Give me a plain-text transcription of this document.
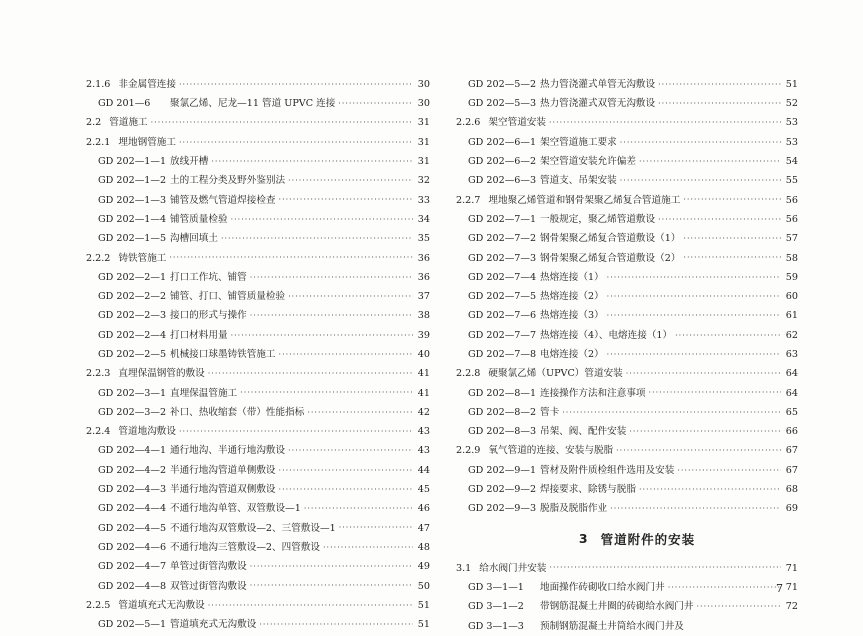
2.1.6 非金属管连接 ·····	30
GD 201—6	聚氯乙烯、尼龙—11 管道 UPVC 连接 ·····	30
2.2 管道施工 ·····	31
2.2.1 埋地钢管施工 ·····	31
GD 202—1—1 放线开槽 ·····	31
GD 202—1—2 土的工程分类及野外鉴别法 ·····	32
GD 202—1—3 铺管及燃气管道焊接检查 ·····	33
GD 202—1—4 铺管质量检验 ·····	34
GD 202—1—5 沟槽回填土 ·····	35
2.2.2 铸铁管施工 ·····	36
GD 202—2—1 打口工作坑、铺管 ·····	36
GD 202—2—2 铺管、打口、铺管质量检验 ·····	37
GD 202—2—3 接口的形式与操作 ·····	38
GD 202—2—4 打口材料用量 ·····	39
GD 202—2—5 机械接口球墨铸铁管施工 ·····	40
2.2.3 直埋保温钢管的敷设 ·····	41
GD 202—3—1 直埋保温管施工 ·····	41
GD 202—3—2 补口、热收缩套（带）性能指标 ·····	42
2.2.4 管道地沟敷设 ·····	43
GD 202—4—1 通行地沟、半通行地沟敷设 ·····	43
GD 202—4—2 半通行地沟管道单侧敷设 ·····	44
GD 202—4—3 半通行地沟管道双侧敷设 ·····	45
GD 202—4—4 不通行地沟单管、双管敷设—1 ·····	46
GD 202—4—5 不通行地沟双管敷设—2、三管敷设—1 ·····	47
GD 202—4—6 不通行地沟三管敷设—2、四管敷设 ·····	48
GD 202—4—7 单管过街管沟敷设 ·····	49
GD 202—4—8 双管过街管沟敷设 ·····	50
2.2.5 管道填充式无沟敷设 ·····	51
GD 202—5—1 管道填充式无沟敷设 ·····	51
GD 202—5—2 热力管浇灌式单管无沟敷设 ·····	51
GD 202—5—3 热力管浇灌式双管无沟敷设 ·····	52
2.2.6 架空管道安装 ·····	53
GD 202—6—1 架空管道施工要求 ·····	53
GD 202—6—2 架空管道安装允许偏差 ·····	54
GD 202—6—3 管道支、吊架安装 ·····	55
2.2.7 埋地聚乙烯管道和钢骨架聚乙烯复合管道施工 ·····	56
GD 202—7—1 一般规定，聚乙烯管道敷设 ·····	56
GD 202—7—2 钢骨架聚乙烯复合管道敷设（1） ·····	57
GD 202—7—3 钢骨架聚乙烯复合管道敷设（2） ·····	58
GD 202—7—4 热熔连接（1） ·····	59
GD 202—7—5 热熔连接（2） ·····	60
GD 202—7—6 热熔连接（3） ·····	61
GD 202—7—7 热熔连接（4）、电熔连接（1） ·····	62
GD 202—7—8 电熔连接（2） ·····	63
2.2.8 硬聚氯乙烯（UPVC）管道安装 ·····	64
GD 202—8—1 连接操作方法和注意事项 ·····	64
GD 202—8—2 管卡 ·····	65
GD 202—8—3 吊架、阀、配件安装 ·····	66
2.2.9 氧气管道的连接、安装与脱脂 ·····	67
GD 202—9—1 管材及附件质检组件选用及安装 ·····	67
GD 202—9—2 焊接要求、除锈与脱脂 ·····	68
GD 202—9—3 脱脂及脱脂作业 ·····	69
3 管道附件的安装
3.1 给水阀门井安装 ·····	71
GD 3—1—1	地面操作砖砌收口给水阀门井 ·····	71
GD 3—1—2	带钢筋混凝土井圈的砖砌给水阀门井 ·····	72
GD 3—1—3	预制钢筋混凝土井筒给水阀门井及
7
